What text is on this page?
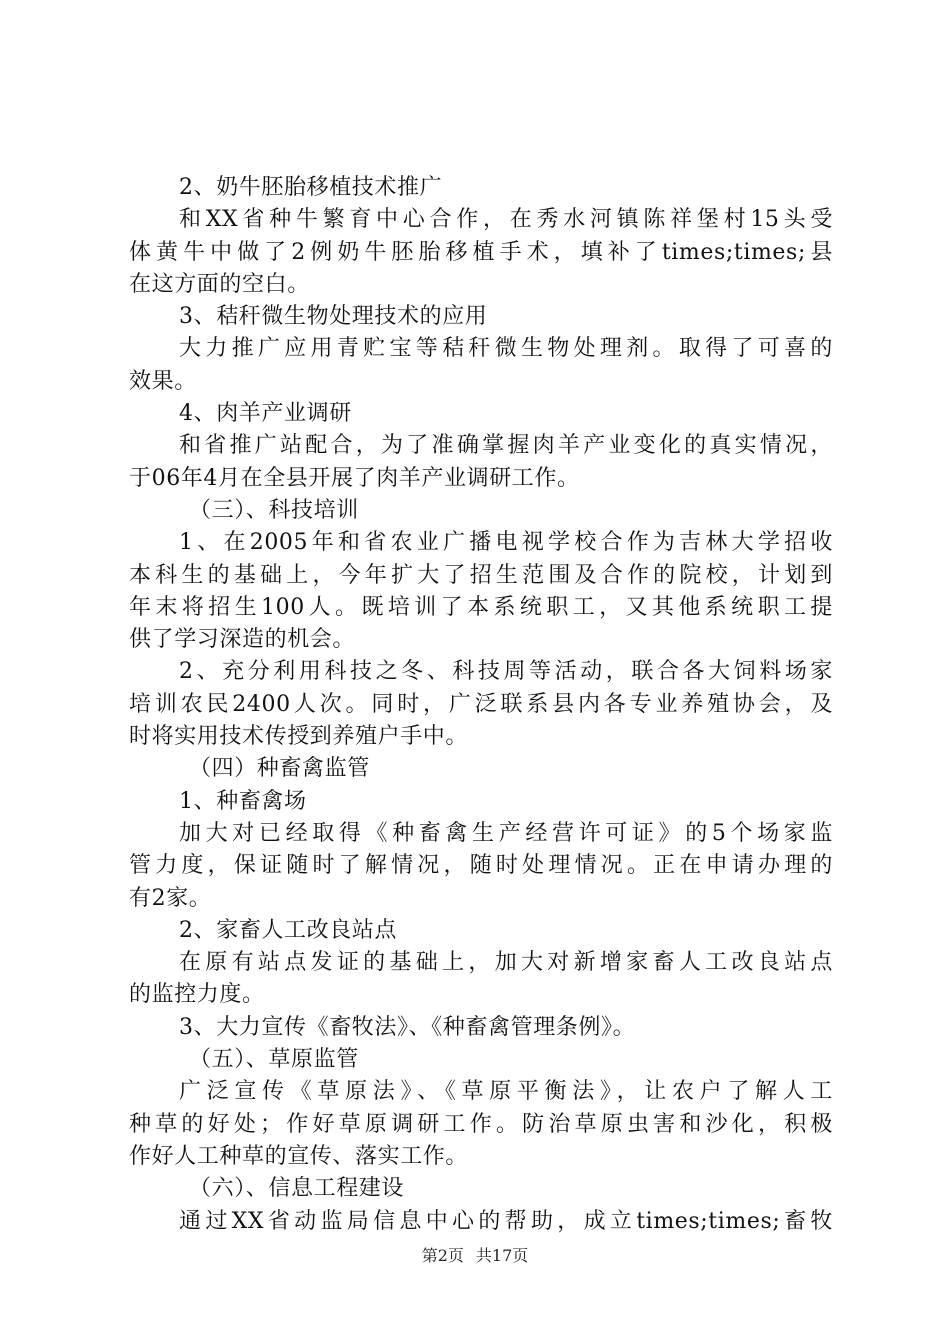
2、奶牛胚胎移植技术推广
和XX省种牛繁育中心合作，在秀水河镇陈祥堡村15头受
体黄牛中做了2例奶牛胚胎移植手术，填补了times;times;县
在这方面的空白。
3、秸秆微生物处理技术的应用
大力推广应用青贮宝等秸秆微生物处理剂。取得了可喜的
效果。
4、肉羊产业调研
和省推广站配合，为了准确掌握肉羊产业变化的真实情况，
于06年4月在全县开展了肉羊产业调研工作。
（三）、科技培训
1、在2005年和省农业广播电视学校合作为吉林大学招收
本科生的基础上，今年扩大了招生范围及合作的院校，计划到
年末将招生100人。既培训了本系统职工，又其他系统职工提
供了学习深造的机会。
2、充分利用科技之冬、科技周等活动，联合各大饲料场家
培训农民2400人次。同时，广泛联系县内各专业养殖协会，及
时将实用技术传授到养殖户手中。
（四）种畜禽监管
1、种畜禽场
加大对已经取得《种畜禽生产经营许可证》的5个场家监
管力度，保证随时了解情况，随时处理情况。正在申请办理的
有2家。
2、家畜人工改良站点
在原有站点发证的基础上，加大对新增家畜人工改良站点
的监控力度。
3、大力宣传《畜牧法》、《种畜禽管理条例》。
（五）、草原监管
广泛宣传《草原法》、《草原平衡法》，让农户了解人工
种草的好处；作好草原调研工作。防治草原虫害和沙化，积极
作好人工种草的宣传、落实工作。
（六）、信息工程建设
通过XX省动监局信息中心的帮助，成立times;times;畜牧
第2页 共17页
